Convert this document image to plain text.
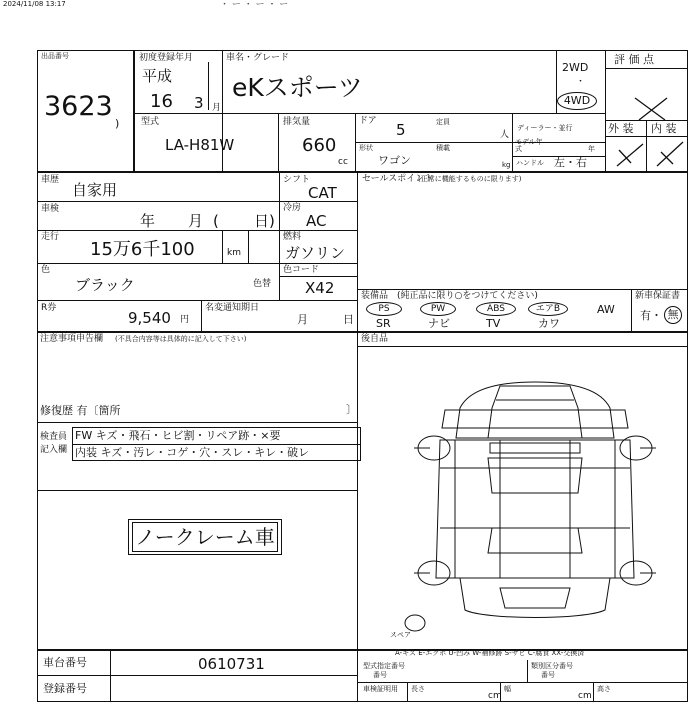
2024/11/08 13:17	・ ー ・ ー ・ ー
出品番号
3623
)
初度登録年月
平成
16 3 月
型式
LA-H81W
車名・グレード
eKスポーツ
2WD
・
4WD
排気量
660
cc
ドア 5	定員
人
ディーラー・並行
形状
ワゴン
積載
kg
モデル年式	年
ハンドル 左・右
評 価 点
外 装 内 装
車歴
自家用
シフト
CAT
車検
年 月 ( 日)
冷房
AC
走行
15万6千100	km
燃料
ガソリン
色
ブラック	色替
色コード
X42
R券
9,540 円
名変通知期日
月	日
セールスポイント
(正常に機能するものに限ります)
装備品 (純正品に限り○をつけてください)	新車保証書
有・ 無
PS	PW	ABS	エアB	AW
SR	ナビ	TV	カワ
注意事項申告欄 (不具合内容等は具体的に記入して下さい)
修復歴 有〔箇所	〕
検査員
記入欄
FW キズ・飛石・ヒビ割・リペア跡・×要
内装 キズ・汚レ・コゲ・穴・スレ・キレ・破レ
ノークレーム車
後自品
スペア
A-キズ E-エクボ U-凹み W-補修跡 S-サビ C-腐食 XX-交換済
車台番号	0610731
登録番号
型式指定番号
番号
類別区分番号
番号
車検証明用 長さ
cm
幅
cm
高さ
